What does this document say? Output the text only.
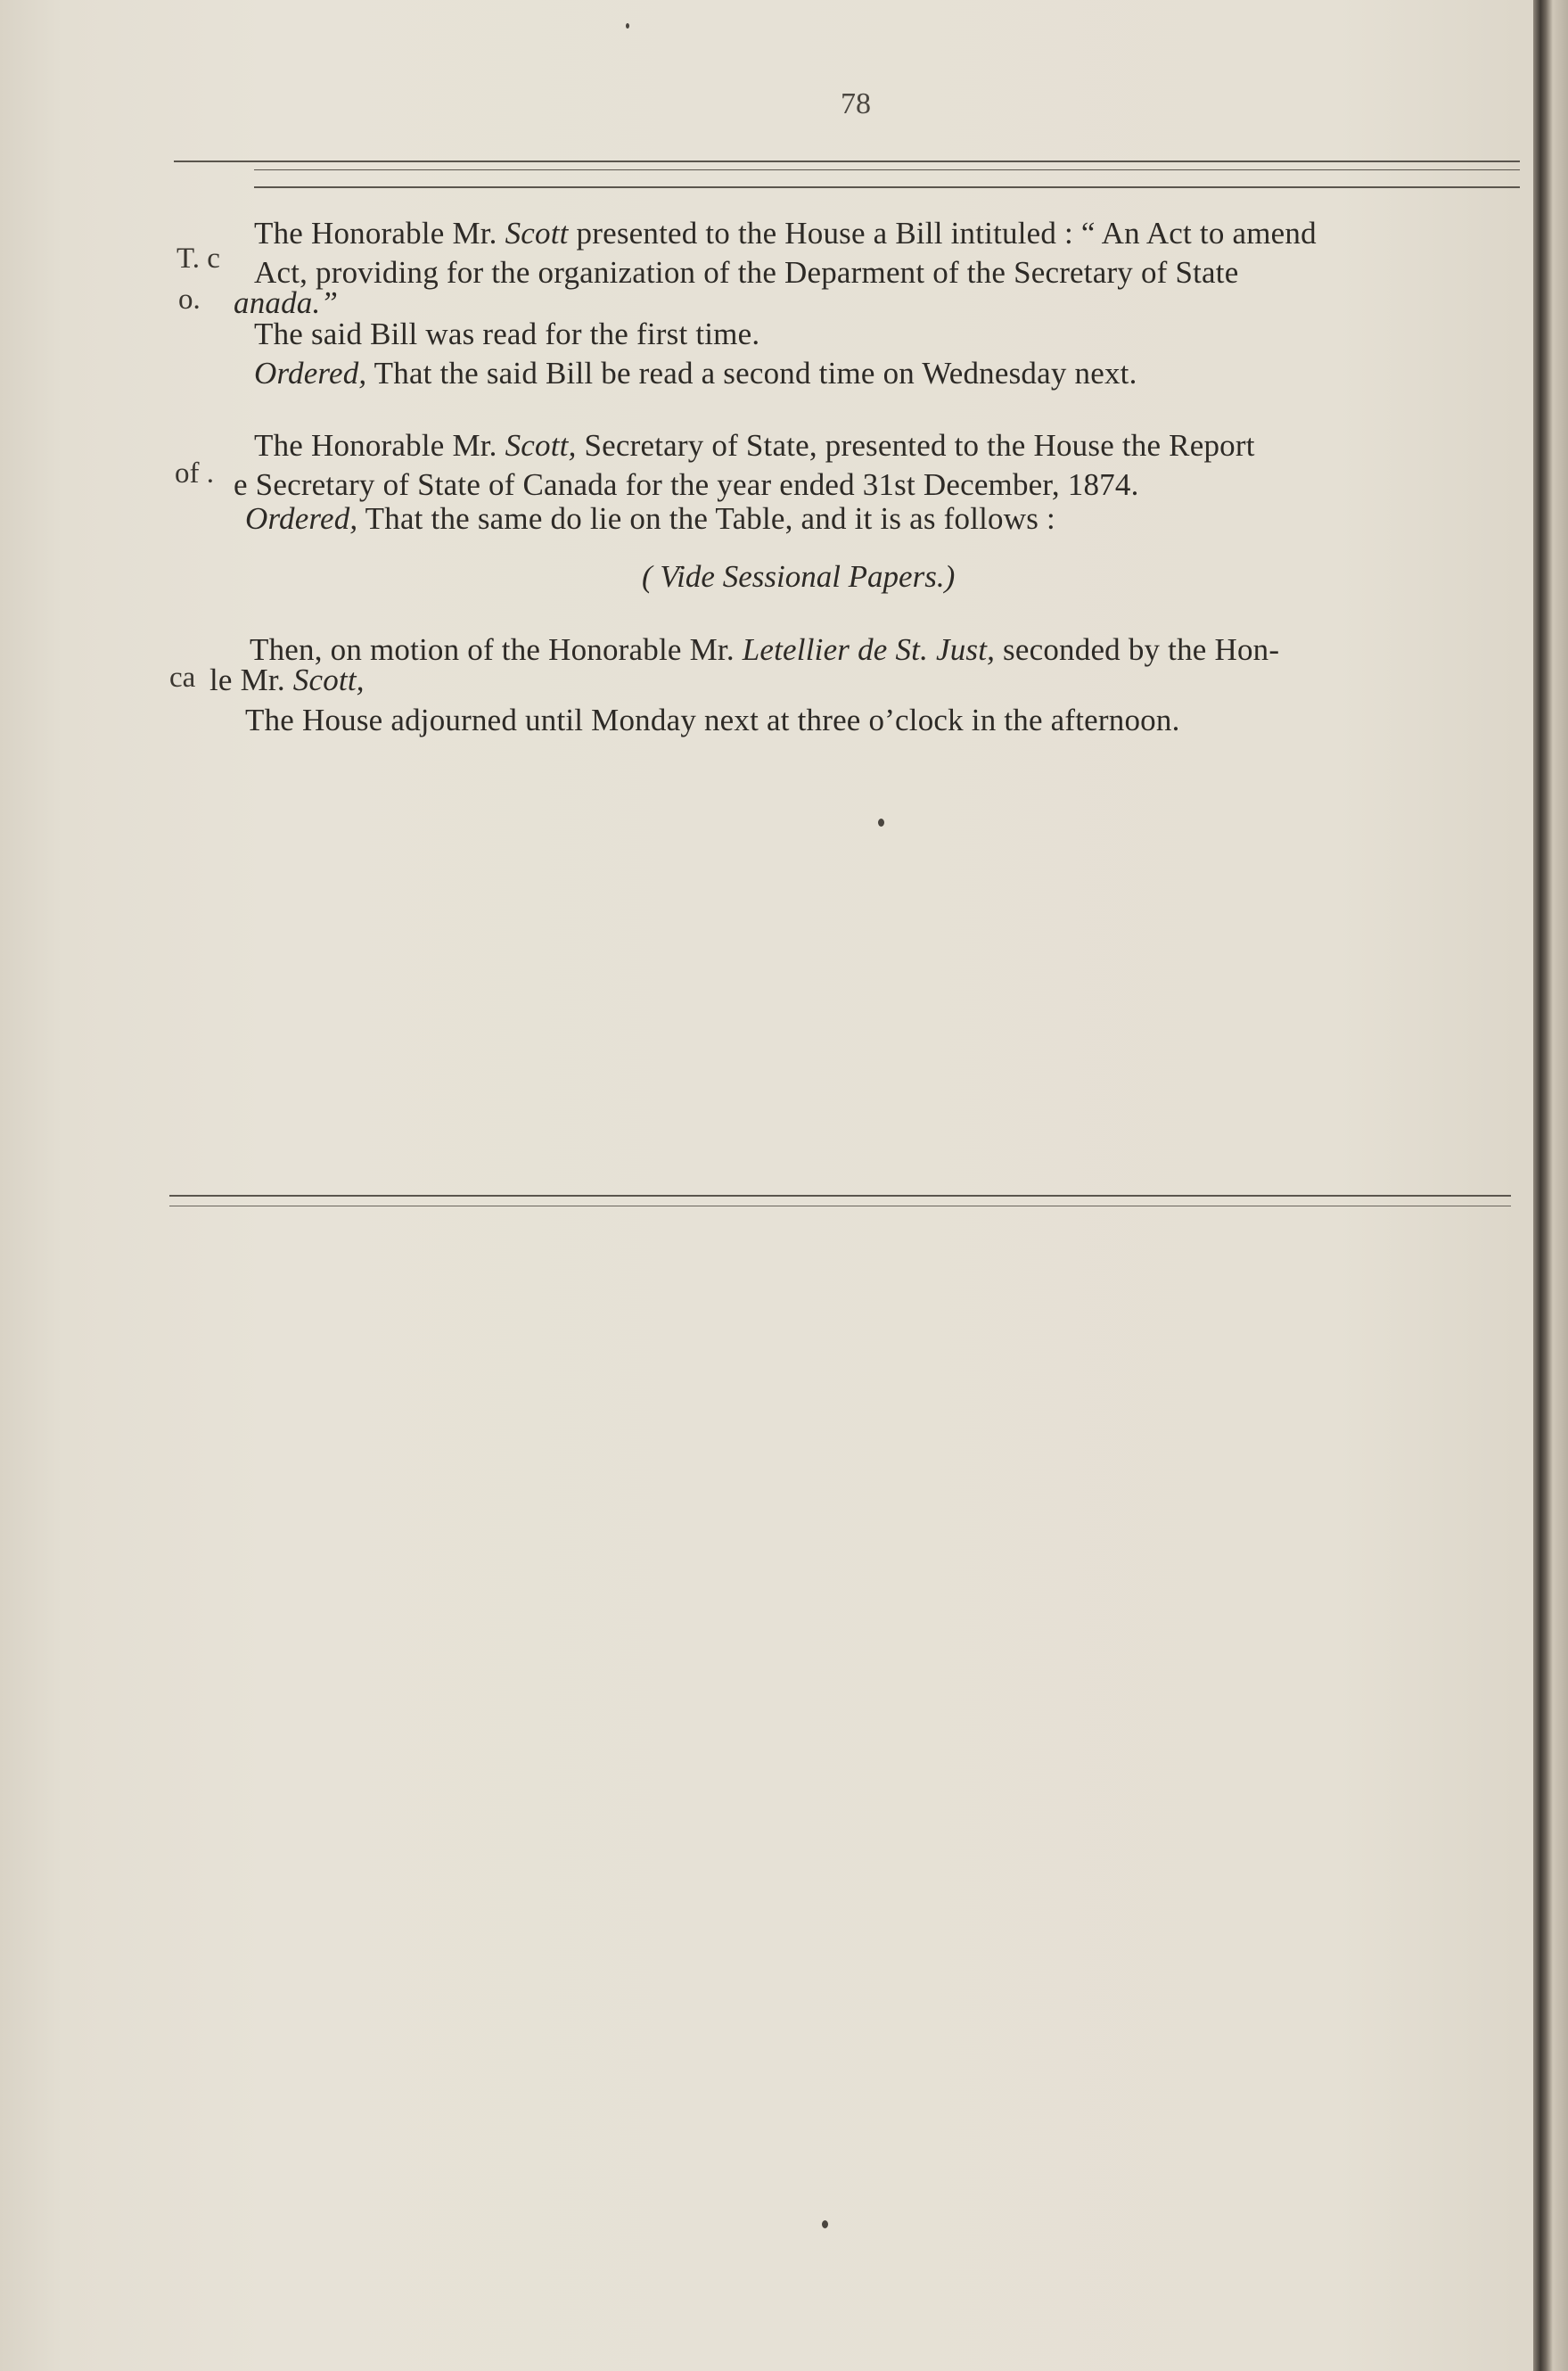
78
T. c
o.
of .
ca
The Honorable Mr. Scott presented to the House a Bill intituled : “ An Act to amend
Act, providing for the organization of the Deparment of the Secretary of State
anada.”
The said Bill was read for the first time.
Ordered, That the said Bill be read a second time on Wednesday next.
The Honorable Mr. Scott, Secretary of State, presented to the House the Report
e Secretary of State of Canada for the year ended 31st December, 1874.
Ordered, That the same do lie on the Table, and it is as follows :
( Vide Sessional Papers.)
Then, on motion of the Honorable Mr. Letellier de St. Just, seconded by the Hon-
le Mr. Scott,
The House adjourned until Monday next at three o’clock in the afternoon.
